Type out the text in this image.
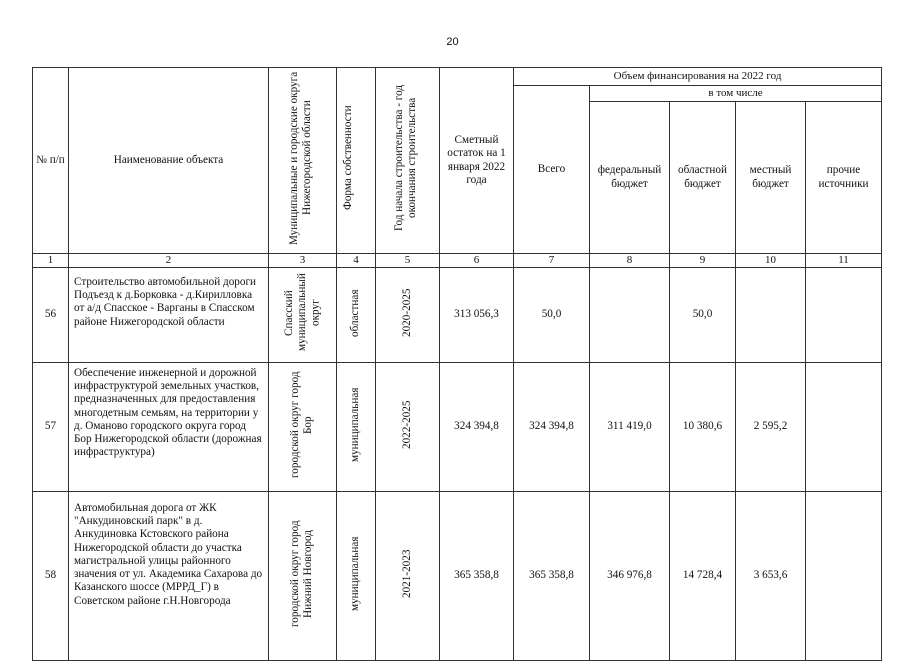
20
№ п/п	Наименование объекта	Муниципальные и городские округа Нижегородской области	Форма собственности	Год начала строительства - год окончания строительства	Сметный остаток на 1 января 2022 года	Объем финансирования на 2022 год				
						Всего	в том числе			
							федеральный бюджет	областной бюджет	местный бюджет	прочие источники
1	2	3	4	5	6	7	8	9	10	11
56	Строительство автомобильной дороги Подъезд к д.Борковка - д.Кирилловка от а/д Спасское - Варганы в Спасском районе Нижегородской области	Спасский муниципальный округ	областная	2020-2025	313 056,3	50,0		50,0		
57	Обеспечение инженерной и дорожной инфраструктурой земельных участков, предназначенных для предоставления многодетным семьям, на территории у д. Оманово городского округа город Бор Нижегородской области (дорожная инфраструктура)	городской округ город Бор	муниципальная	2022-2025	324 394,8	324 394,8	311 419,0	10 380,6	2 595,2	
58	Автомобильная дорога от ЖК "Анкудиновский парк" в д. Анкудиновка Кстовского района Нижегородской области до участка магистральной улицы районного значения от ул. Академика Сахарова до Казанского шоссе (МРРД_Г) в Советском районе г.Н.Новгорода	городской округ город Нижний Новгород	муниципальная	2021-2023	365 358,8	365 358,8	346 976,8	14 728,4	3 653,6	
